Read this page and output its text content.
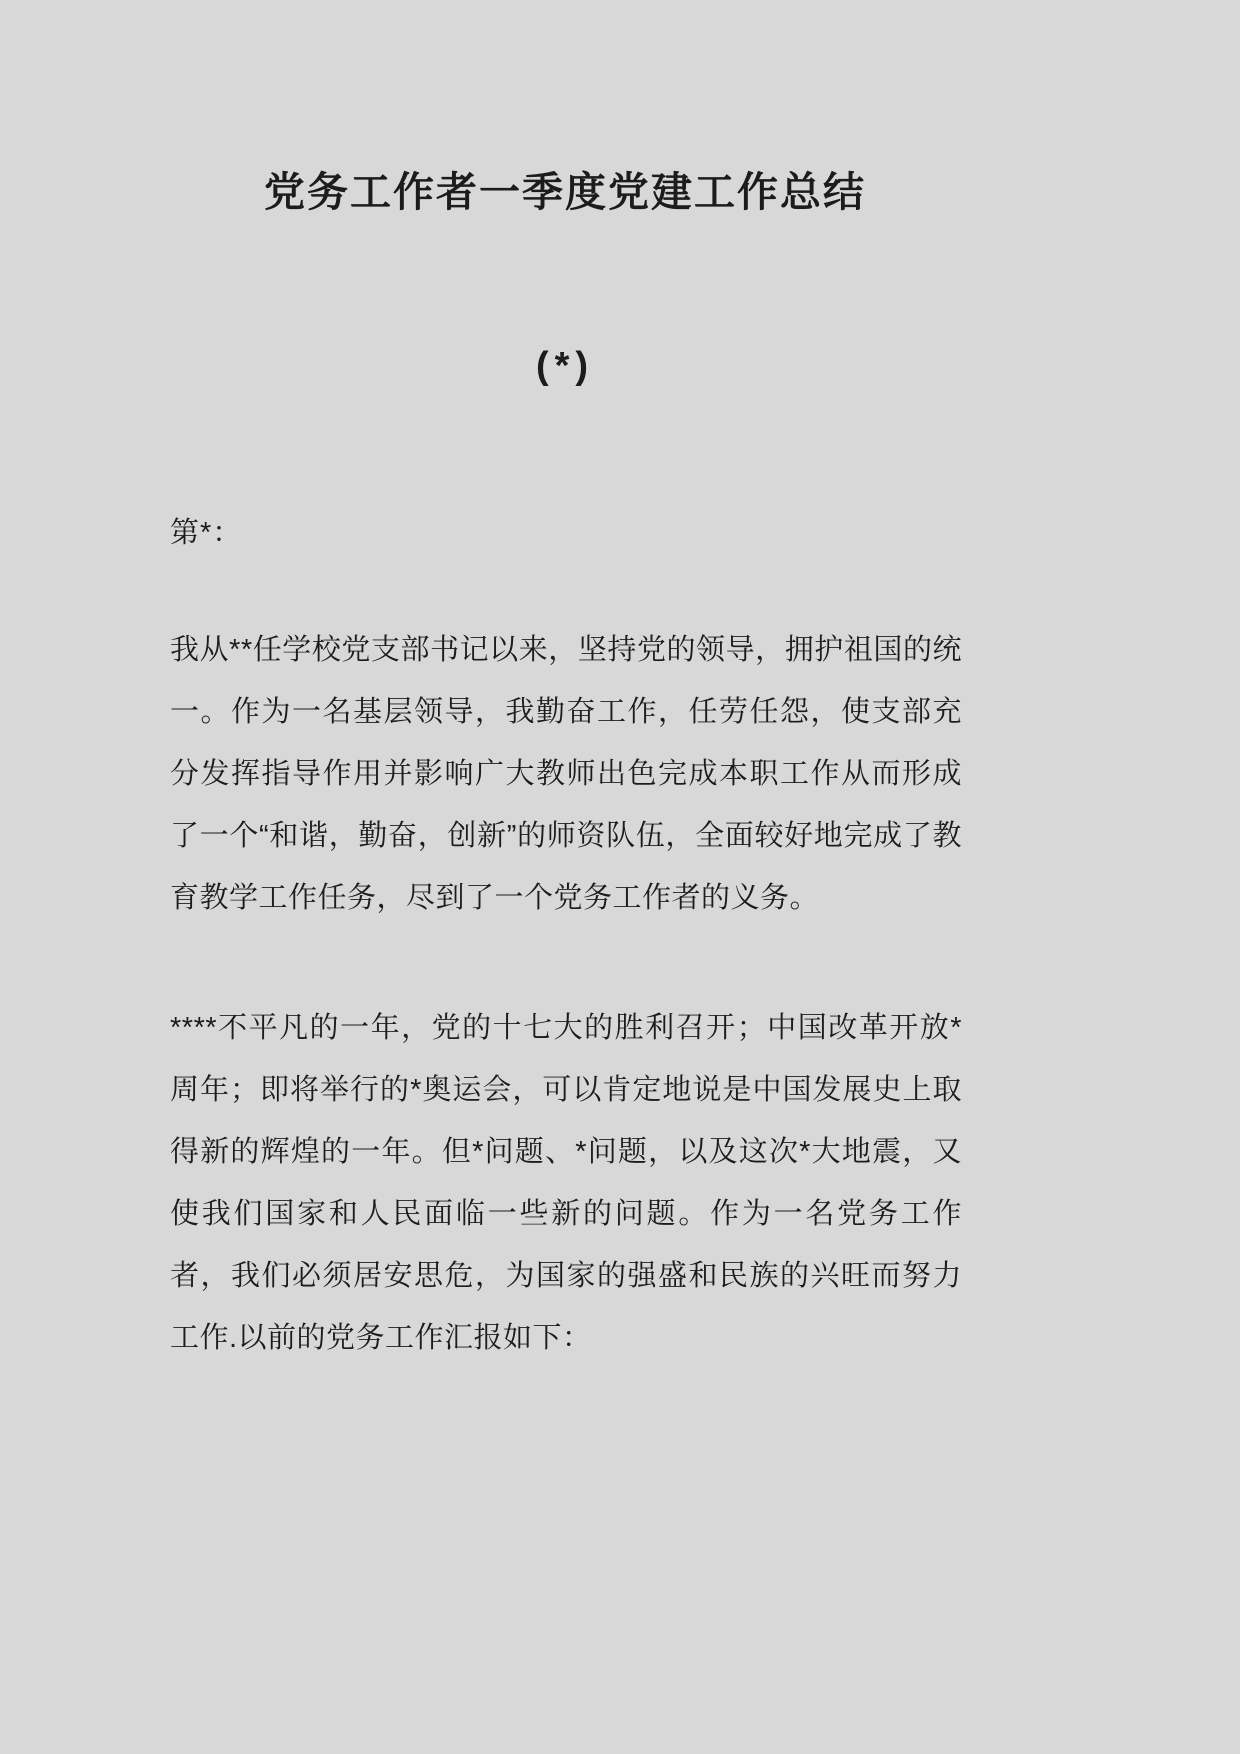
党务工作者一季度党建工作总结
(*)
第*：

我从**任学校党支部书记以来，坚持党的领导，拥护祖国的统一。作为一名基层领导，我勤奋工作，任劳任怨，使支部充分发挥指导作用并影响广大教师出色完成本职工作从而形成了一个“和谐，勤奋，创新”的师资队伍，全面较好地完成了教育教学工作任务，尽到了一个党务工作者的义务。

****不平凡的一年，党的十七大的胜利召开；中国改革开放*周年；即将举行的*奥运会，可以肯定地说是中国发展史上取得新的辉煌的一年。但*问题、*问题，以及这次*大地震，又使我们国家和人民面临一些新的问题。作为一名党务工作者，我们必须居安思危，为国家的强盛和民族的兴旺而努力工作.以前的党务工作汇报如下：
